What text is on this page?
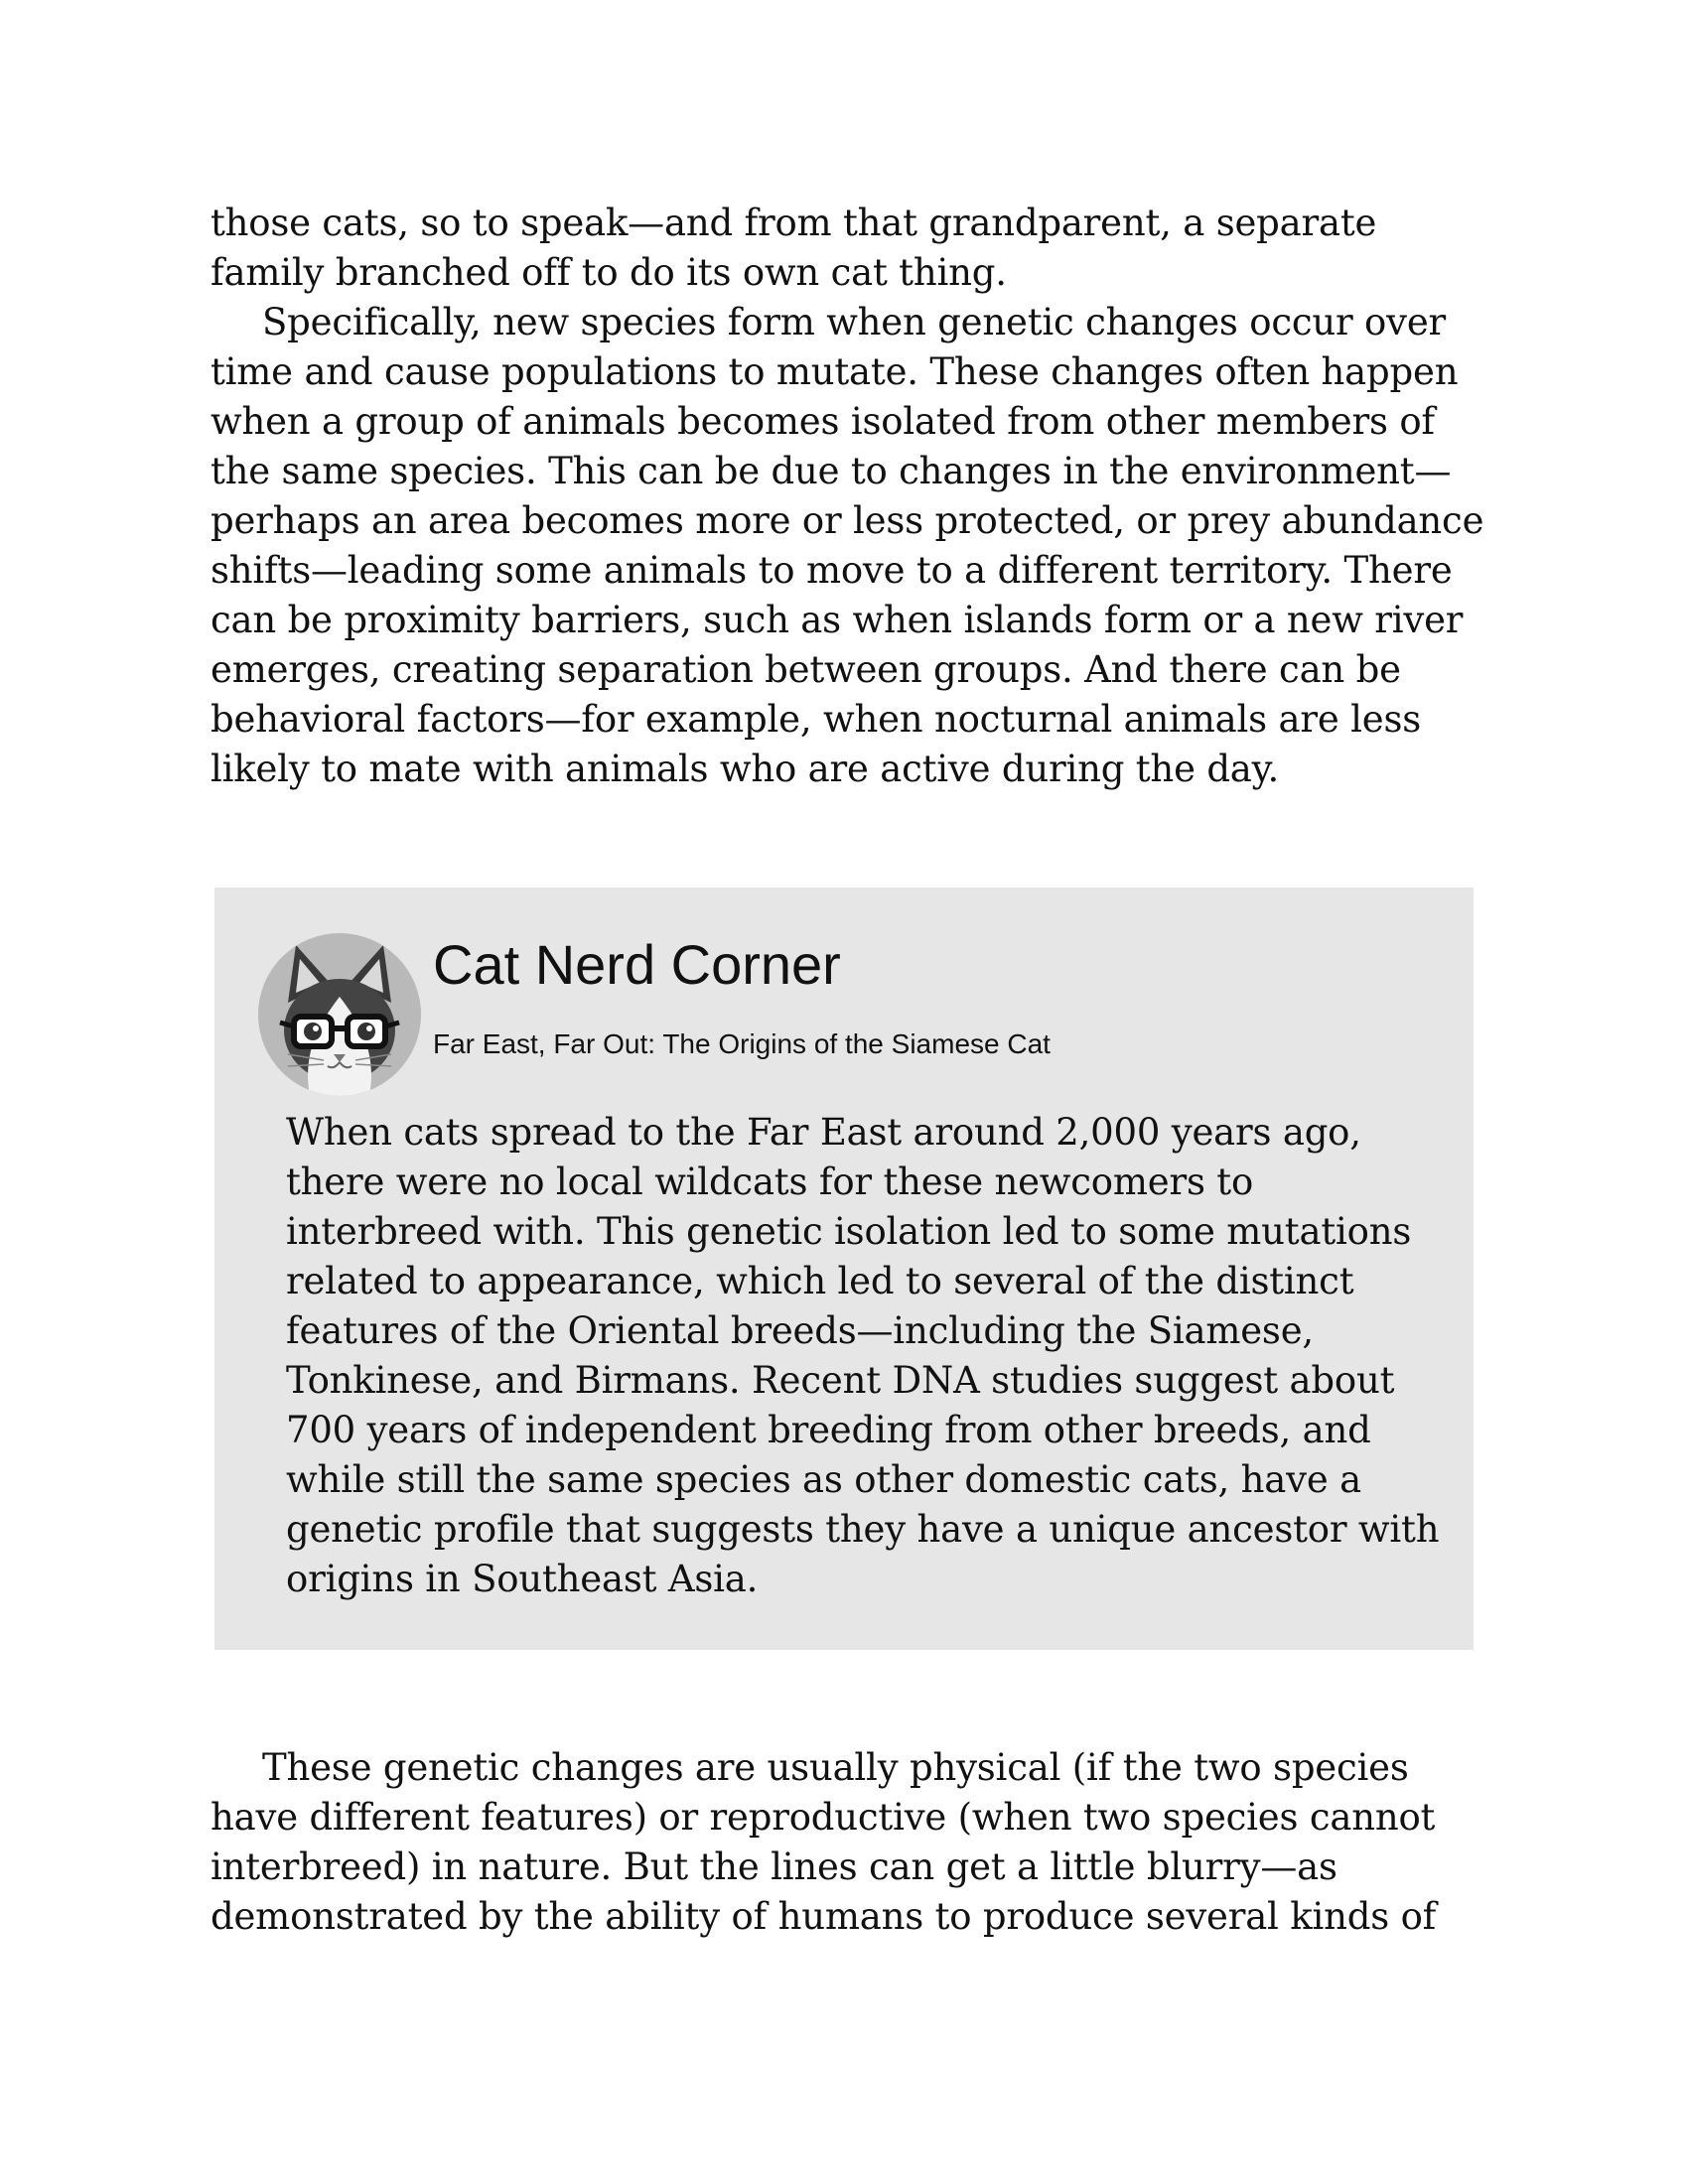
those cats, so to speak—and from that grandparent, a separate family branched off to do its own cat thing.

Specifically, new species form when genetic changes occur over time and cause populations to mutate. These changes often happen when a group of animals becomes isolated from other members of the same species. This can be due to changes in the environment—perhaps an area becomes more or less protected, or prey abundance shifts—leading some animals to move to a different territory. There can be proximity barriers, such as when islands form or a new river emerges, creating separation between groups. And there can be behavioral factors—for example, when nocturnal animals are less likely to mate with animals who are active during the day.

Cat Nerd Corner

Far East, Far Out: The Origins of the Siamese Cat

When cats spread to the Far East around 2,000 years ago, there were no local wildcats for these newcomers to interbreed with. This genetic isolation led to some mutations related to appearance, which led to several of the distinct features of the Oriental breeds—including the Siamese, Tonkinese, and Birmans. Recent DNA studies suggest about 700 years of independent breeding from other breeds, and while still the same species as other domestic cats, have a genetic profile that suggests they have a unique ancestor with origins in Southeast Asia.

These genetic changes are usually physical (if the two species have different features) or reproductive (when two species cannot interbreed) in nature. But the lines can get a little blurry—as demonstrated by the ability of humans to produce several kinds of
